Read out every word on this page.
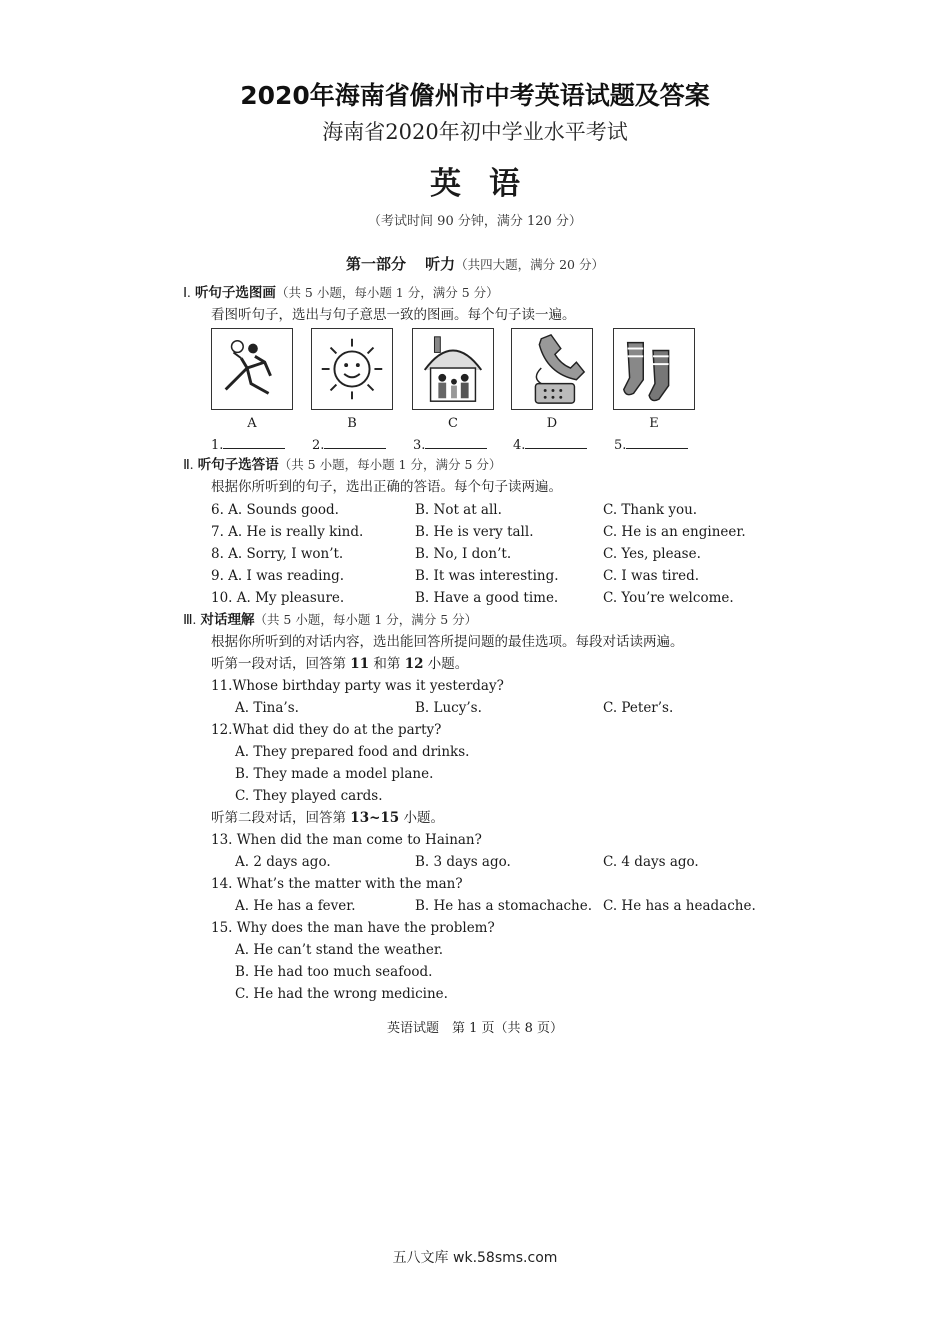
2020年海南省儋州市中考英语试题及答案
海南省2020年初中学业水平考试
英语
（考试时间 90 分钟，满分 120 分）
第一部分 听力（共四大题，满分 20 分）
Ⅰ. 听句子选图画（共 5 小题，每小题 1 分，满分 5 分）
看图听句子，选出与句子意思一致的图画。每个句子读一遍。
A	B	C	D	E
1.	2.	3.	4.	5.
Ⅱ. 听句子选答语（共 5 小题，每小题 1 分，满分 5 分）
根据你所听到的句子，选出正确的答语。每个句子读两遍。
6. A. Sounds good.	B. Not at all.	C. Thank you.
7. A. He is really kind.	B. He is very tall.	C. He is an engineer.
8. A. Sorry, I won’t.	B. No, I don’t.	C. Yes, please.
9. A. I was reading.	B. It was interesting.	C. I was tired.
10. A. My pleasure.	B. Have a good time.	C. You’re welcome.
Ⅲ. 对话理解（共 5 小题，每小题 1 分，满分 5 分）
根据你所听到的对话内容，选出能回答所提问题的最佳选项。每段对话读两遍。
听第一段对话，回答第 11 和第 12 小题。
11.Whose birthday party was it yesterday?
A. Tina’s.	B. Lucy’s.	C. Peter’s.
12.What did they do at the party?
A. They prepared food and drinks.
B. They made a model plane.
C. They played cards.
听第二段对话，回答第 13~15 小题。
13. When did the man come to Hainan?
A. 2 days ago.	B. 3 days ago.	C. 4 days ago.
14. What’s the matter with the man?
A. He has a fever.	B. He has a stomachache. C. He has a headache.
15. Why does the man have the problem?
A. He can’t stand the weather.
B. He had too much seafood.
C. He had the wrong medicine.
英语试题　第 1 页（共 8 页）
五八文库 wk.58sms.com
